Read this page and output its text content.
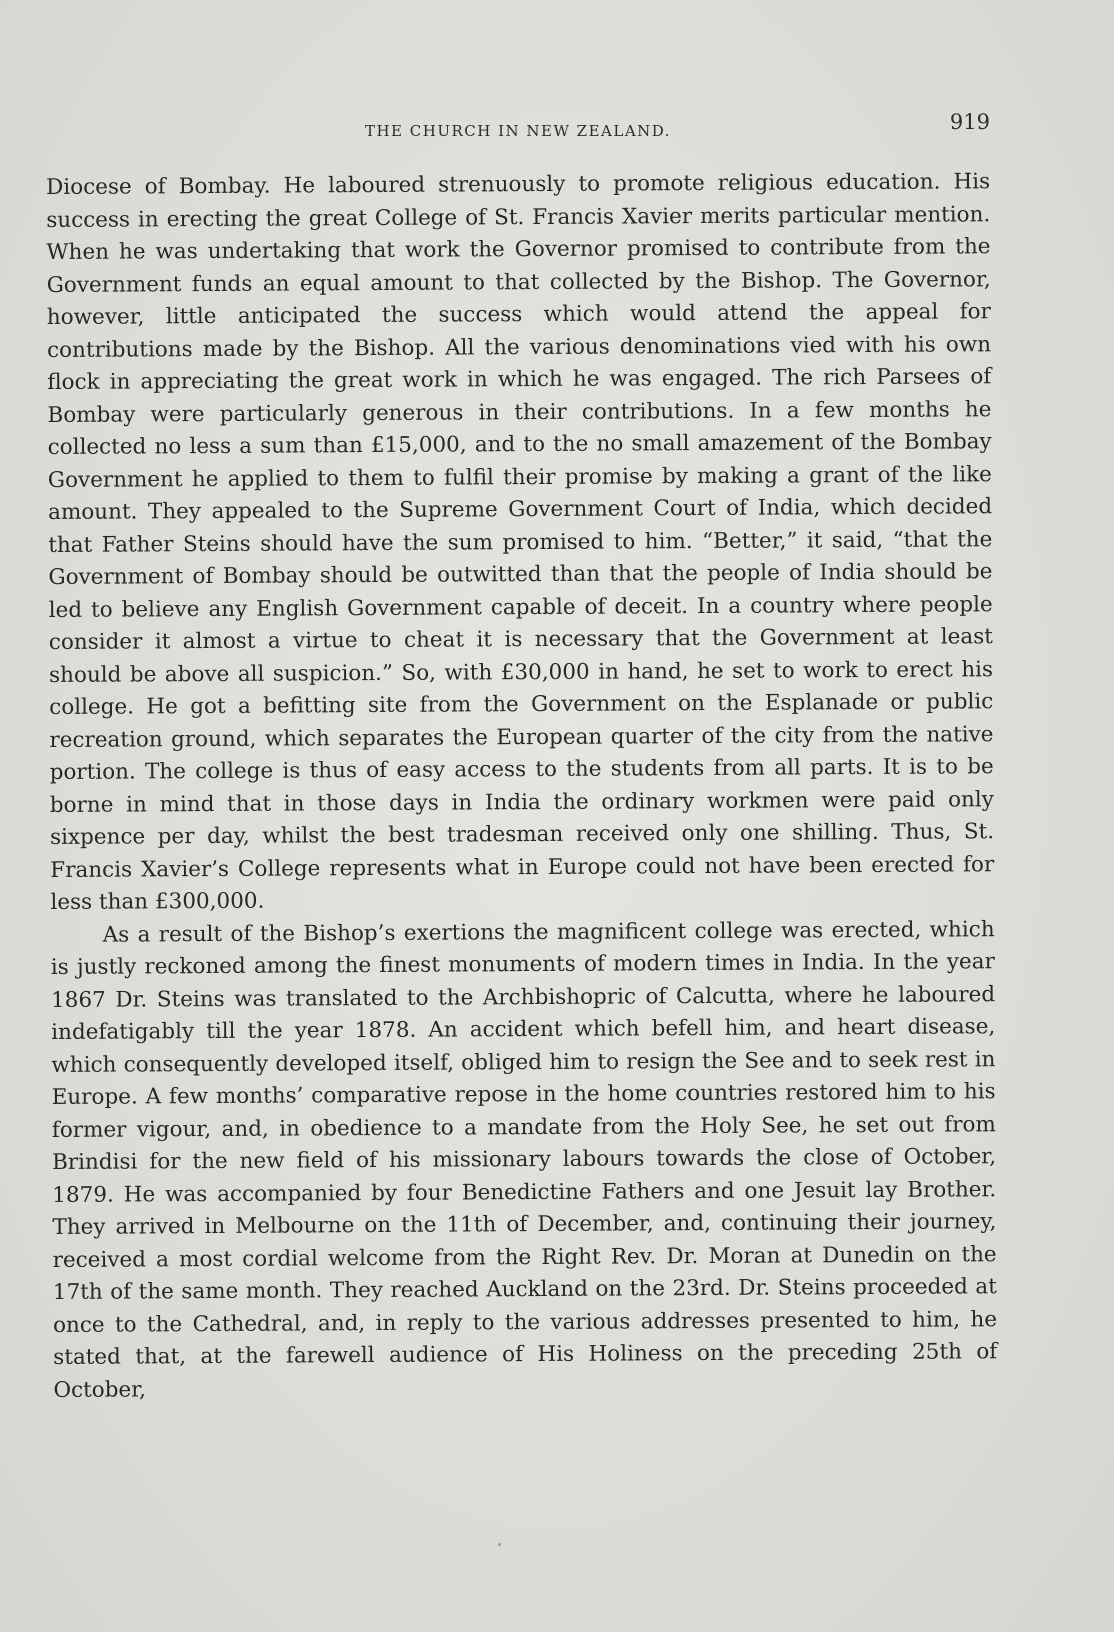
THE CHURCH IN NEW ZEALAND.	919

Diocese of Bombay. He laboured strenuously to promote religious education. His success in erecting the great College of St. Francis Xavier merits particular mention. When he was undertaking that work the Governor promised to contribute from the Government funds an equal amount to that collected by the Bishop. The Governor, however, little anticipated the success which would attend the appeal for contributions made by the Bishop. All the various denominations vied with his own flock in appreciating the great work in which he was engaged. The rich Parsees of Bombay were particularly generous in their contributions. In a few months he collected no less a sum than £15,000, and to the no small amazement of the Bombay Government he applied to them to fulfil their promise by making a grant of the like amount. They appealed to the Supreme Government Court of India, which decided that Father Steins should have the sum promised to him. “Better,” it said, “that the Government of Bombay should be outwitted than that the people of India should be led to believe any English Government capable of deceit. In a country where people consider it almost a virtue to cheat it is necessary that the Government at least should be above all suspicion.” So, with £30,000 in hand, he set to work to erect his college. He got a befitting site from the Government on the Esplanade or public recreation ground, which separates the European quarter of the city from the native portion. The college is thus of easy access to the students from all parts. It is to be borne in mind that in those days in India the ordinary workmen were paid only sixpence per day, whilst the best tradesman received only one shilling. Thus, St. Francis Xavier’s College represents what in Europe could not have been erected for less than £300,000.

As a result of the Bishop’s exertions the magnificent college was erected, which is justly reckoned among the finest monuments of modern times in India. In the year 1867 Dr. Steins was translated to the Archbishopric of Calcutta, where he laboured indefatigably till the year 1878. An accident which befell him, and heart disease, which consequently developed itself, obliged him to resign the See and to seek rest in Europe. A few months’ comparative repose in the home countries restored him to his former vigour, and, in obedience to a mandate from the Holy See, he set out from Brindisi for the new field of his missionary labours towards the close of October, 1879. He was accompanied by four Benedictine Fathers and one Jesuit lay Brother. They arrived in Melbourne on the 11th of December, and, continuing their journey, received a most cordial welcome from the Right Rev. Dr. Moran at Dunedin on the 17th of the same month. They reached Auckland on the 23rd. Dr. Steins proceeded at once to the Cathedral, and, in reply to the various addresses presented to him, he stated that, at the farewell audience of His Holiness on the preceding 25th of October,
